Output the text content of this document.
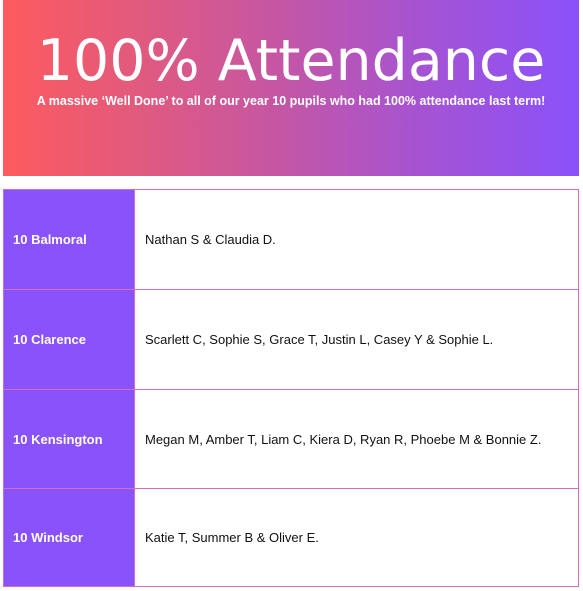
100% Attendance
A massive ‘Well Done’ to all of our year 10 pupils who had 100% attendance last term!
10 Balmoral	Nathan S & Claudia D.
10 Clarence	Scarlett C, Sophie S, Grace T, Justin L, Casey Y & Sophie L.
10 Kensington	Megan M, Amber T, Liam C, Kiera D, Ryan R, Phoebe M & Bonnie Z.
10 Windsor	Katie T, Summer B & Oliver E.
